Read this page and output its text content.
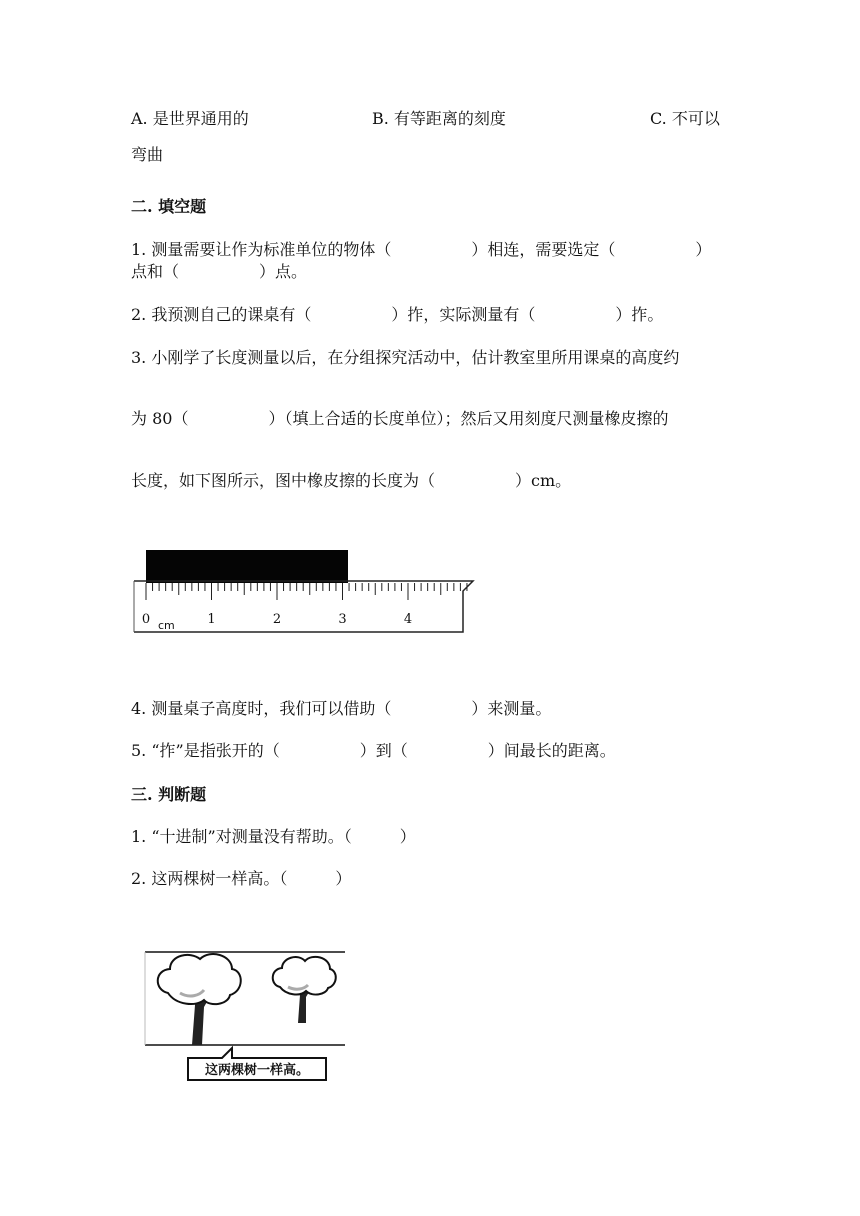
A. 是世界通用的	B. 有等距离的刻度	C. 不可以
弯曲
二. 填空题
1. 测量需要让作为标准单位的物体（　　　　　）相连，需要选定（　　　　　）
点和（　　　　　）点。
2. 我预测自己的课桌有（　　　　　）拃，实际测量有（　　　　　）拃。
3. 小刚学了长度测量以后，在分组探究活动中，估计教室里所用课桌的高度约
为 80（　　　　　）（填上合适的长度单位）；然后又用刻度尺测量橡皮擦的
长度，如下图所示，图中橡皮擦的长度为（　　　　　）cm。
0	1	2	3	4
cm
4. 测量桌子高度时，我们可以借助（　　　　　）来测量。
5. “拃”是指张开的（　　　　　）到（　　　　　）间最长的距离。
三. 判断题
1. “十进制”对测量没有帮助。（　　　）
2. 这两棵树一样高。（　　　）
这两棵树一样高。
